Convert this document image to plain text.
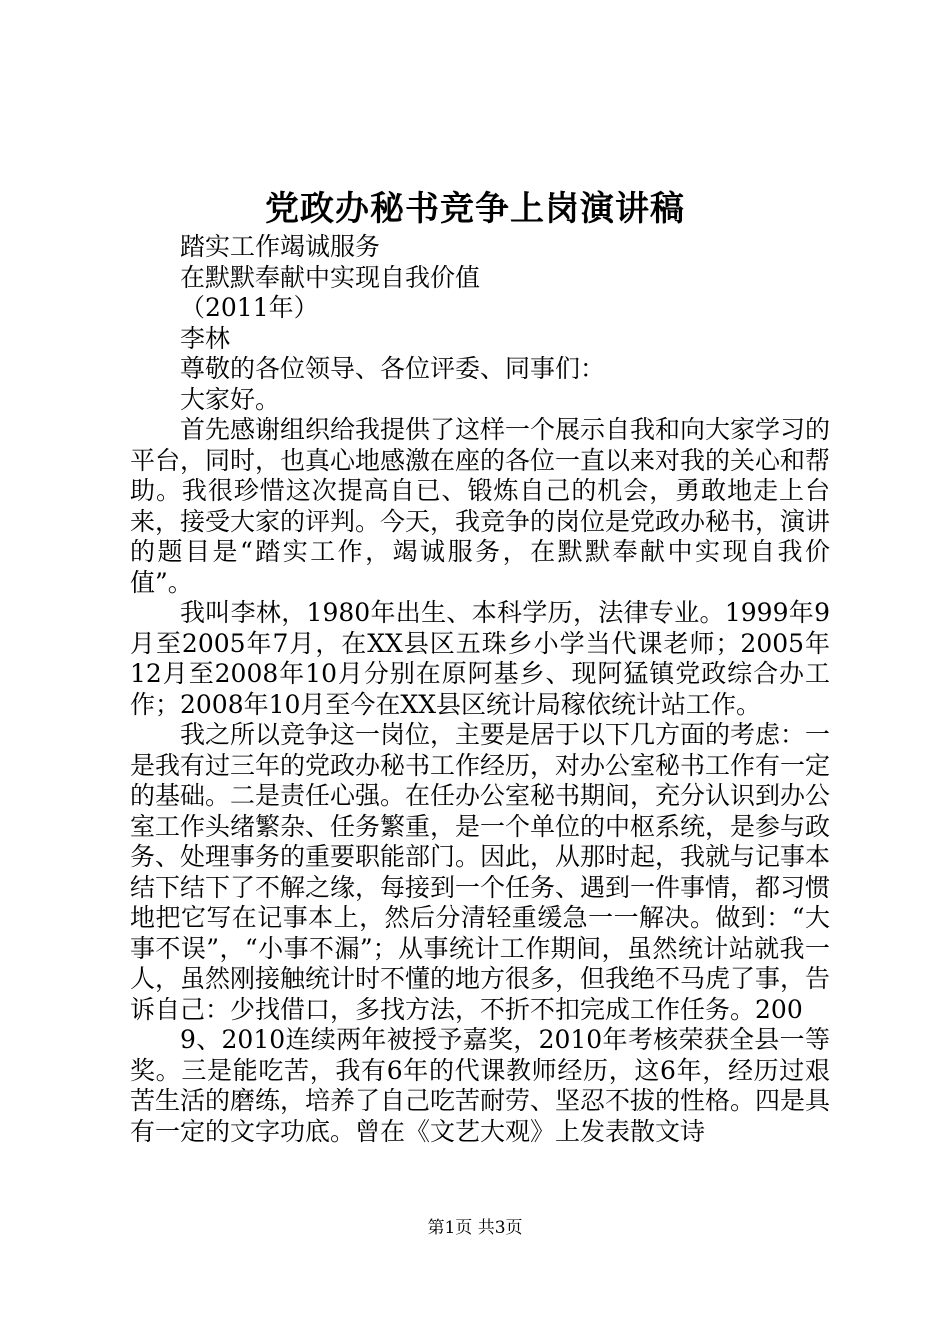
党政办秘书竞争上岗演讲稿

踏实工作竭诚服务

在默默奉献中实现自我价值

（2011年）

李林

尊敬的各位领导、各位评委、同事们：

大家好。

首先感谢组织给我提供了这样一个展示自我和向大家学习的平台，同时，也真心地感激在座的各位一直以来对我的关心和帮助。我很珍惜这次提高自已、锻炼自己的机会，勇敢地走上台来，接受大家的评判。今天，我竞争的岗位是党政办秘书，演讲的题目是“踏实工作，竭诚服务，在默默奉献中实现自我价值”。

我叫李林，1980年出生、本科学历，法律专业。1999年9月至2005年7月，在XX县区五珠乡小学当代课老师；2005年12月至2008年10月分别在原阿基乡、现阿猛镇党政综合办工作；2008年10月至今在XX县区统计局稼依统计站工作。

我之所以竞争这一岗位，主要是居于以下几方面的考虑：一是我有过三年的党政办秘书工作经历，对办公室秘书工作有一定的基础。二是责任心强。在任办公室秘书期间，充分认识到办公室工作头绪繁杂、任务繁重，是一个单位的中枢系统，是参与政务、处理事务的重要职能部门。因此，从那时起，我就与记事本结下结下了不解之缘，每接到一个任务、遇到一件事情，都习惯地把它写在记事本上，然后分清轻重缓急一一解决。做到：“大事不误”，“小事不漏”；从事统计工作期间，虽然统计站就我一人，虽然刚接触统计时不懂的地方很多，但我绝不马虎了事，告诉自己：少找借口，多找方法，不折不扣完成工作任务。200

9、2010连续两年被授予嘉奖，2010年考核荣获全县一等奖。三是能吃苦，我有6年的代课教师经历，这6年，经历过艰苦生活的磨练，培养了自己吃苦耐劳、坚忍不拔的性格。四是具有一定的文字功底。曾在《文艺大观》上发表散文诗

第1页 共3页
